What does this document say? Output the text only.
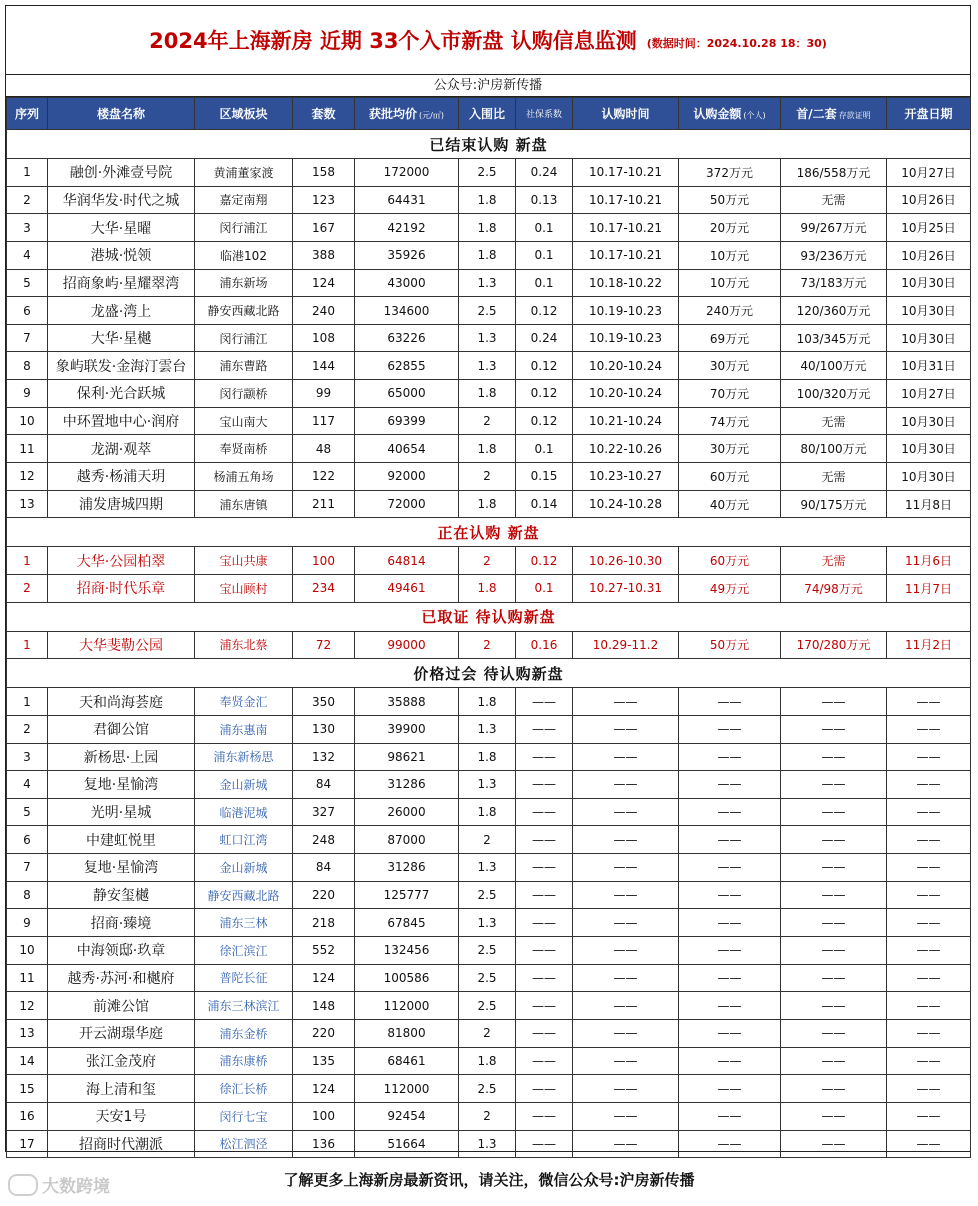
2024年上海新房 近期 33个入市新盘 认购信息监测 (数据时间：2024.10.28 18：30)
公众号:沪房新传播
序列	楼盘名称	区域板块	套数	获批均价 (元/㎡)	入围比	社保系数	认购时间	认购金额 (个人)	首/二套 存款证明	开盘日期
已结束认购 新盘										
1	融创·外滩壹号院	黄浦董家渡	158	172000	2.5	0.24	10.17-10.21	372万元	186/558万元	10月27日
2	华润华发·时代之城	嘉定南翔	123	64431	1.8	0.13	10.17-10.21	50万元	无需	10月26日
3	大华·星曜	闵行浦江	167	42192	1.8	0.1	10.17-10.21	20万元	99/267万元	10月25日
4	港城·悦领	临港102	388	35926	1.8	0.1	10.17-10.21	10万元	93/236万元	10月26日
5	招商象屿·星耀翠湾	浦东新场	124	43000	1.3	0.1	10.18-10.22	10万元	73/183万元	10月30日
6	龙盛·湾上	静安西藏北路	240	134600	2.5	0.12	10.19-10.23	240万元	120/360万元	10月30日
7	大华·星樾	闵行浦江	108	63226	1.3	0.24	10.19-10.23	69万元	103/345万元	10月30日
8	象屿联发·金海汀雲台	浦东曹路	144	62855	1.3	0.12	10.20-10.24	30万元	40/100万元	10月31日
9	保利·光合跃城	闵行颛桥	99	65000	1.8	0.12	10.20-10.24	70万元	100/320万元	10月27日
10	中环置地中心·润府	宝山南大	117	69399	2	0.12	10.21-10.24	74万元	无需	10月30日
11	龙湖·观萃	奉贤南桥	48	40654	1.8	0.1	10.22-10.26	30万元	80/100万元	10月30日
12	越秀·杨浦天玥	杨浦五角场	122	92000	2	0.15	10.23-10.27	60万元	无需	10月30日
13	浦发唐城四期	浦东唐镇	211	72000	1.8	0.14	10.24-10.28	40万元	90/175万元	11月8日
正在认购 新盘										
1	大华·公园柏翠	宝山共康	100	64814	2	0.12	10.26-10.30	60万元	无需	11月6日
2	招商·时代乐章	宝山顾村	234	49461	1.8	0.1	10.27-10.31	49万元	74/98万元	11月7日
已取证 待认购新盘										
1	大华斐勒公园	浦东北蔡	72	99000	2	0.16	10.29-11.2	50万元	170/280万元	11月2日
价格过会 待认购新盘										
1	天和尚海荟庭	奉贤金汇	350	35888	1.8	——	——	——	——	——
2	君御公馆	浦东惠南	130	39900	1.3	——	——	——	——	——
3	新杨思·上园	浦东新杨思	132	98621	1.8	——	——	——	——	——
4	复地·星愉湾	金山新城	84	31286	1.3	——	——	——	——	——
5	光明·星城	临港泥城	327	26000	1.8	——	——	——	——	——
6	中建虹悦里	虹口江湾	248	87000	2	——	——	——	——	——
7	复地·星愉湾	金山新城	84	31286	1.3	——	——	——	——	——
8	静安玺樾	静安西藏北路	220	125777	2.5	——	——	——	——	——
9	招商·臻境	浦东三林	218	67845	1.3	——	——	——	——	——
10	中海领邸·玖章	徐汇滨江	552	132456	2.5	——	——	——	——	——
11	越秀·苏河·和樾府	普陀长征	124	100586	2.5	——	——	——	——	——
12	前滩公馆	浦东三林滨江	148	112000	2.5	——	——	——	——	——
13	开云湖璟华庭	浦东金桥	220	81800	2	——	——	——	——	——
14	张江金茂府	浦东康桥	135	68461	1.8	——	——	——	——	——
15	海上清和玺	徐汇长桥	124	112000	2.5	——	——	——	——	——
16	天安1号	闵行七宝	100	92454	2	——	——	——	——	——
17	招商时代潮派	松江泗泾	136	51664	1.3	——	——	——	——	——
了解更多上海新房最新资讯，请关注，微信公众号:沪房新传播
大数跨境
